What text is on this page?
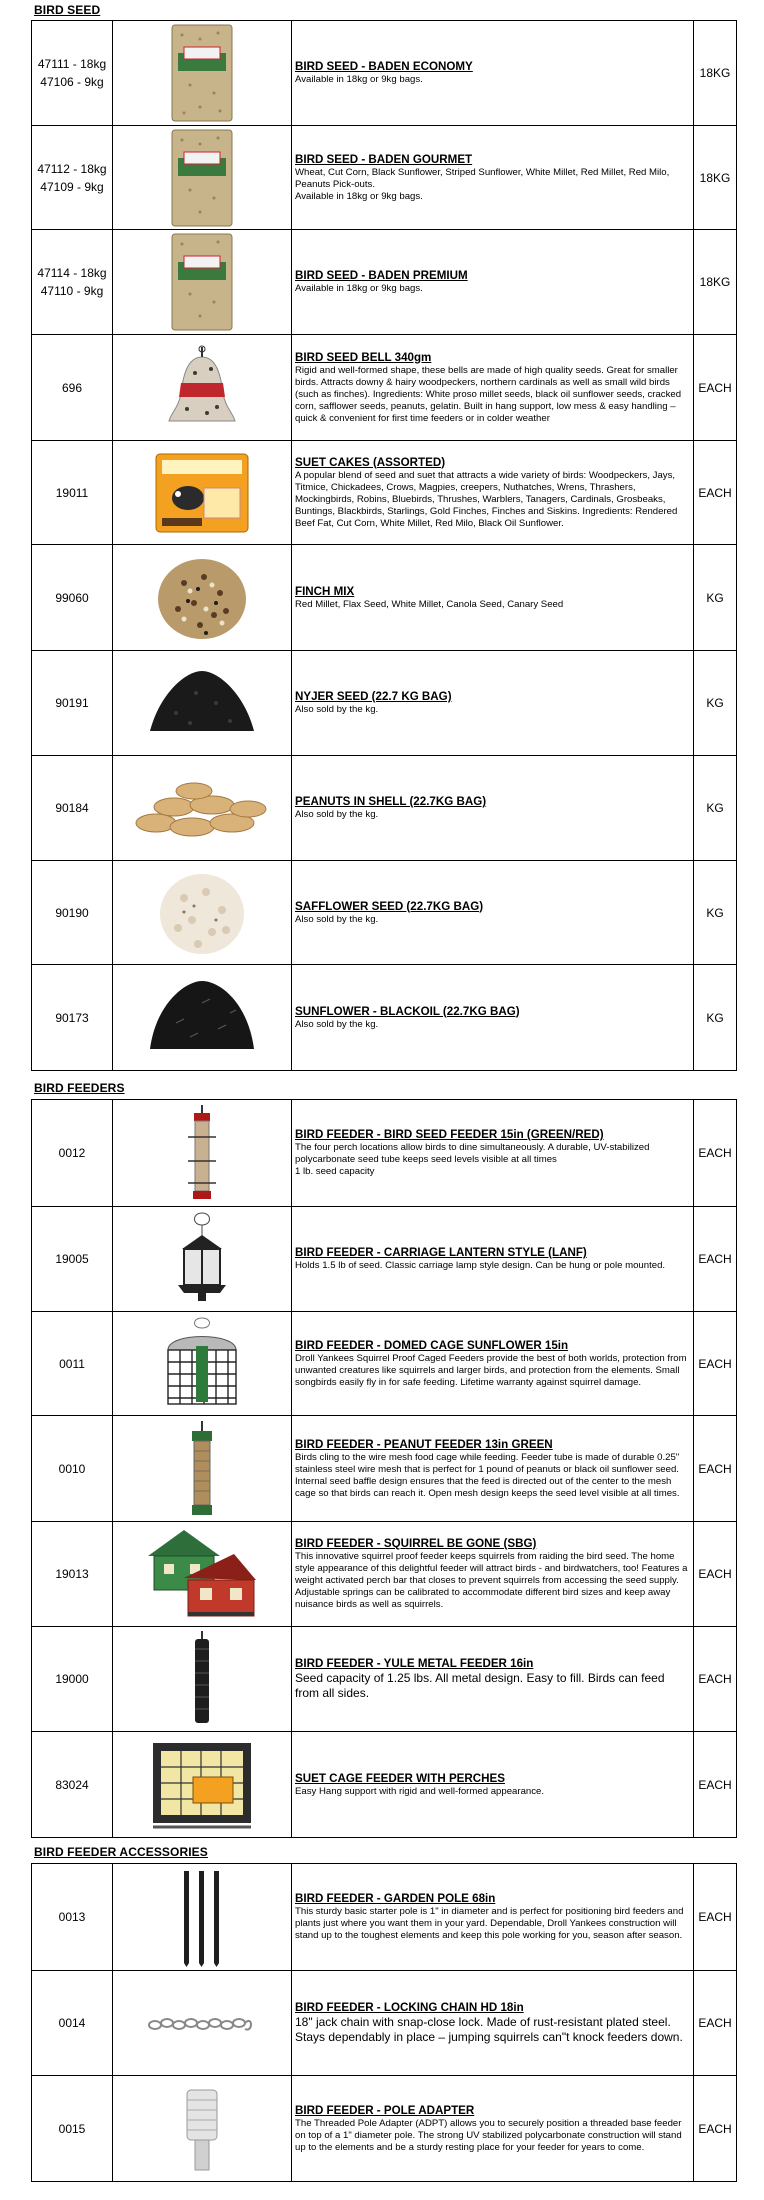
BIRD SEED
47111 - 18kg
47106 - 9kg		BIRD SEED - BADEN ECONOMY
Available in 18kg or 9kg bags.	18KG
47112 - 18kg
47109 - 9kg		BIRD SEED - BADEN GOURMET
Wheat, Cut Corn, Black Sunflower, Striped Sunflower, White Millet, Red Millet, Red Milo, Peanuts Pick-outs.
Available in 18kg or 9kg bags.	18KG
47114 - 18kg
47110 - 9kg		BIRD SEED - BADEN PREMIUM
Available in 18kg or 9kg bags.	18KG
696		BIRD SEED BELL 340gm
Rigid and well-formed shape, these bells are made of high quality seeds. Great for smaller birds. Attracts downy & hairy woodpeckers, northern cardinals as well as small wild birds (such as finches). Ingredients: White proso millet seeds, black oil sunflower seeds, cracked corn, safflower seeds, peanuts, gelatin. Built in hang support, low mess & easy handling – quick & convenient for first time feeders or in colder weather	EACH
19011		SUET CAKES (ASSORTED)
A popular blend of seed and suet that attracts a wide variety of birds: Woodpeckers, Jays, Titmice, Chickadees, Crows, Magpies, creepers, Nuthatches, Wrens, Thrashers, Mockingbirds, Robins, Bluebirds, Thrushes, Warblers, Tanagers, Cardinals, Grosbeaks, Buntings, Blackbirds, Starlings, Gold Finches, Finches and Siskins. Ingredients: Rendered Beef Fat, Cut Corn, White Millet, Red Milo, Black Oil Sunflower.	EACH
99060		FINCH MIX
Red Millet, Flax Seed, White Millet, Canola Seed, Canary Seed	KG
90191		NYJER SEED (22.7 KG BAG)
Also sold by the kg.	KG
90184		PEANUTS IN SHELL (22.7KG BAG)
Also sold by the kg.	KG
90190		SAFFLOWER SEED (22.7KG BAG)
Also sold by the kg.	KG
90173		SUNFLOWER - BLACKOIL (22.7KG BAG)
Also sold by the kg.	KG
BIRD FEEDERS
0012		BIRD FEEDER - BIRD SEED FEEDER 15in (GREEN/RED)
The four perch locations allow birds to dine simultaneously. A durable, UV-stabilized polycarbonate seed tube keeps seed levels visible at all times
1 lb. seed capacity	EACH
19005		BIRD FEEDER - CARRIAGE LANTERN STYLE (LANF)
Holds 1.5 lb of seed. Classic carriage lamp style design. Can be hung or pole mounted.	EACH
0011		BIRD FEEDER - DOMED CAGE SUNFLOWER 15in
Droll Yankees Squirrel Proof Caged Feeders provide the best of both worlds, protection from unwanted creatures like squirrels and larger birds, and protection from the elements. Small songbirds easily fly in for safe feeding. Lifetime warranty against squirrel damage.	EACH
0010		BIRD FEEDER - PEANUT FEEDER 13in GREEN
Birds cling to the wire mesh food cage while feeding. Feeder tube is made of durable 0.25" stainless steel wire mesh that is perfect for 1 pound of peanuts or black oil sunflower seed. Internal seed baffle design ensures that the feed is directed out of the center to the mesh cage so that birds can reach it. Open mesh design keeps the seed level visible at all times.	EACH
19013		BIRD FEEDER - SQUIRREL BE GONE (SBG)
This innovative squirrel proof feeder keeps squirrels from raiding the bird seed. The home style appearance of this delightful feeder will attract birds - and birdwatchers, too! Features a weight activated perch bar that closes to prevent squirrels from accessing the seed supply. Adjustable springs can be calibrated to accommodate different bird sizes and keep away nuisance birds as well as squirrels.	EACH
19000		BIRD FEEDER - YULE METAL FEEDER 16in
Seed capacity of 1.25 lbs. All metal design. Easy to fill. Birds can feed from all sides.	EACH
83024		SUET CAGE FEEDER WITH PERCHES
Easy Hang support with rigid and well-formed appearance.	EACH
BIRD FEEDER ACCESSORIES
0013		BIRD FEEDER - GARDEN POLE 68in
This sturdy basic starter pole is 1" in diameter and is perfect for positioning bird feeders and plants just where you want them in your yard. Dependable, Droll Yankees construction will stand up to the toughest elements and keep this pole working for you, season after season.	EACH
0014		BIRD FEEDER - LOCKING CHAIN HD 18in
18" jack chain with snap-close lock. Made of rust-resistant plated steel. Stays dependably in place – jumping squirrels can"t knock feeders down.	EACH
0015		BIRD FEEDER - POLE ADAPTER
The Threaded Pole Adapter (ADPT) allows you to securely position a threaded base feeder on top of a 1" diameter pole. The strong UV stabilized polycarbonate construction will stand up to the elements and be a sturdy resting place for your feeder for years to come.	EACH
